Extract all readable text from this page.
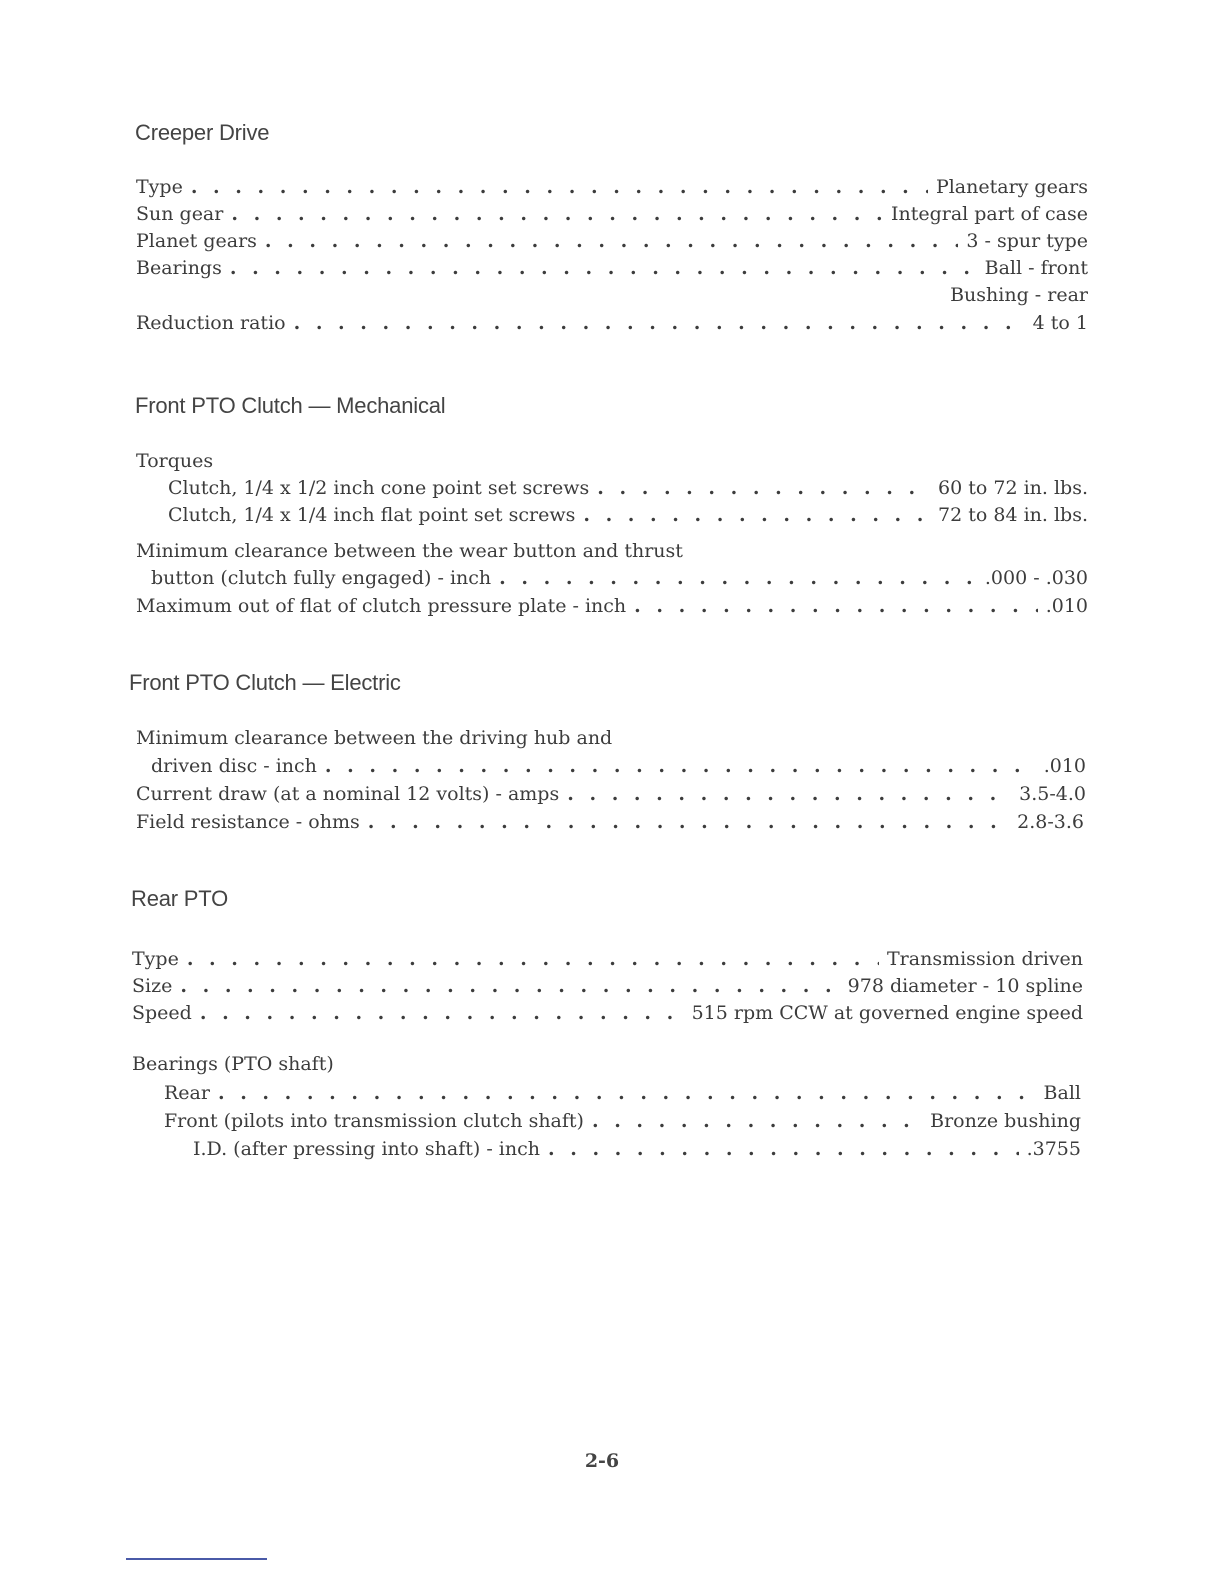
Creeper Drive
Type . . .	Planetary gears
Sun gear . . .	Integral part of case
Planet gears . . .	3 - spur type
Bearings . . .	Ball - front
Bushing - rear
Reduction ratio . . .	4 to 1
Front PTO Clutch — Mechanical
Torques
Clutch, 1/4 x 1/2 inch cone point set screws . . .	60 to 72 in. lbs.
Clutch, 1/4 x 1/4 inch flat point set screws . . .	72 to 84 in. lbs.
Minimum clearance between the wear button and thrust
button (clutch fully engaged) - inch . . .	.000 - .030
Maximum out of flat of clutch pressure plate - inch . . .	.010
Front PTO Clutch — Electric
Minimum clearance between the driving hub and
driven disc - inch . . .	.010
Current draw (at a nominal 12 volts) - amps . . .	3.5-4.0
Field resistance - ohms . . .	2.8-3.6
Rear PTO
Type . . .	Transmission driven
Size . . .	978 diameter - 10 spline
Speed . . .	515 rpm CCW at governed engine speed
Bearings (PTO shaft)
Rear . . .	Ball
Front (pilots into transmission clutch shaft) . . .	Bronze bushing
I.D. (after pressing into shaft) - inch . . .	.3755
2-6
